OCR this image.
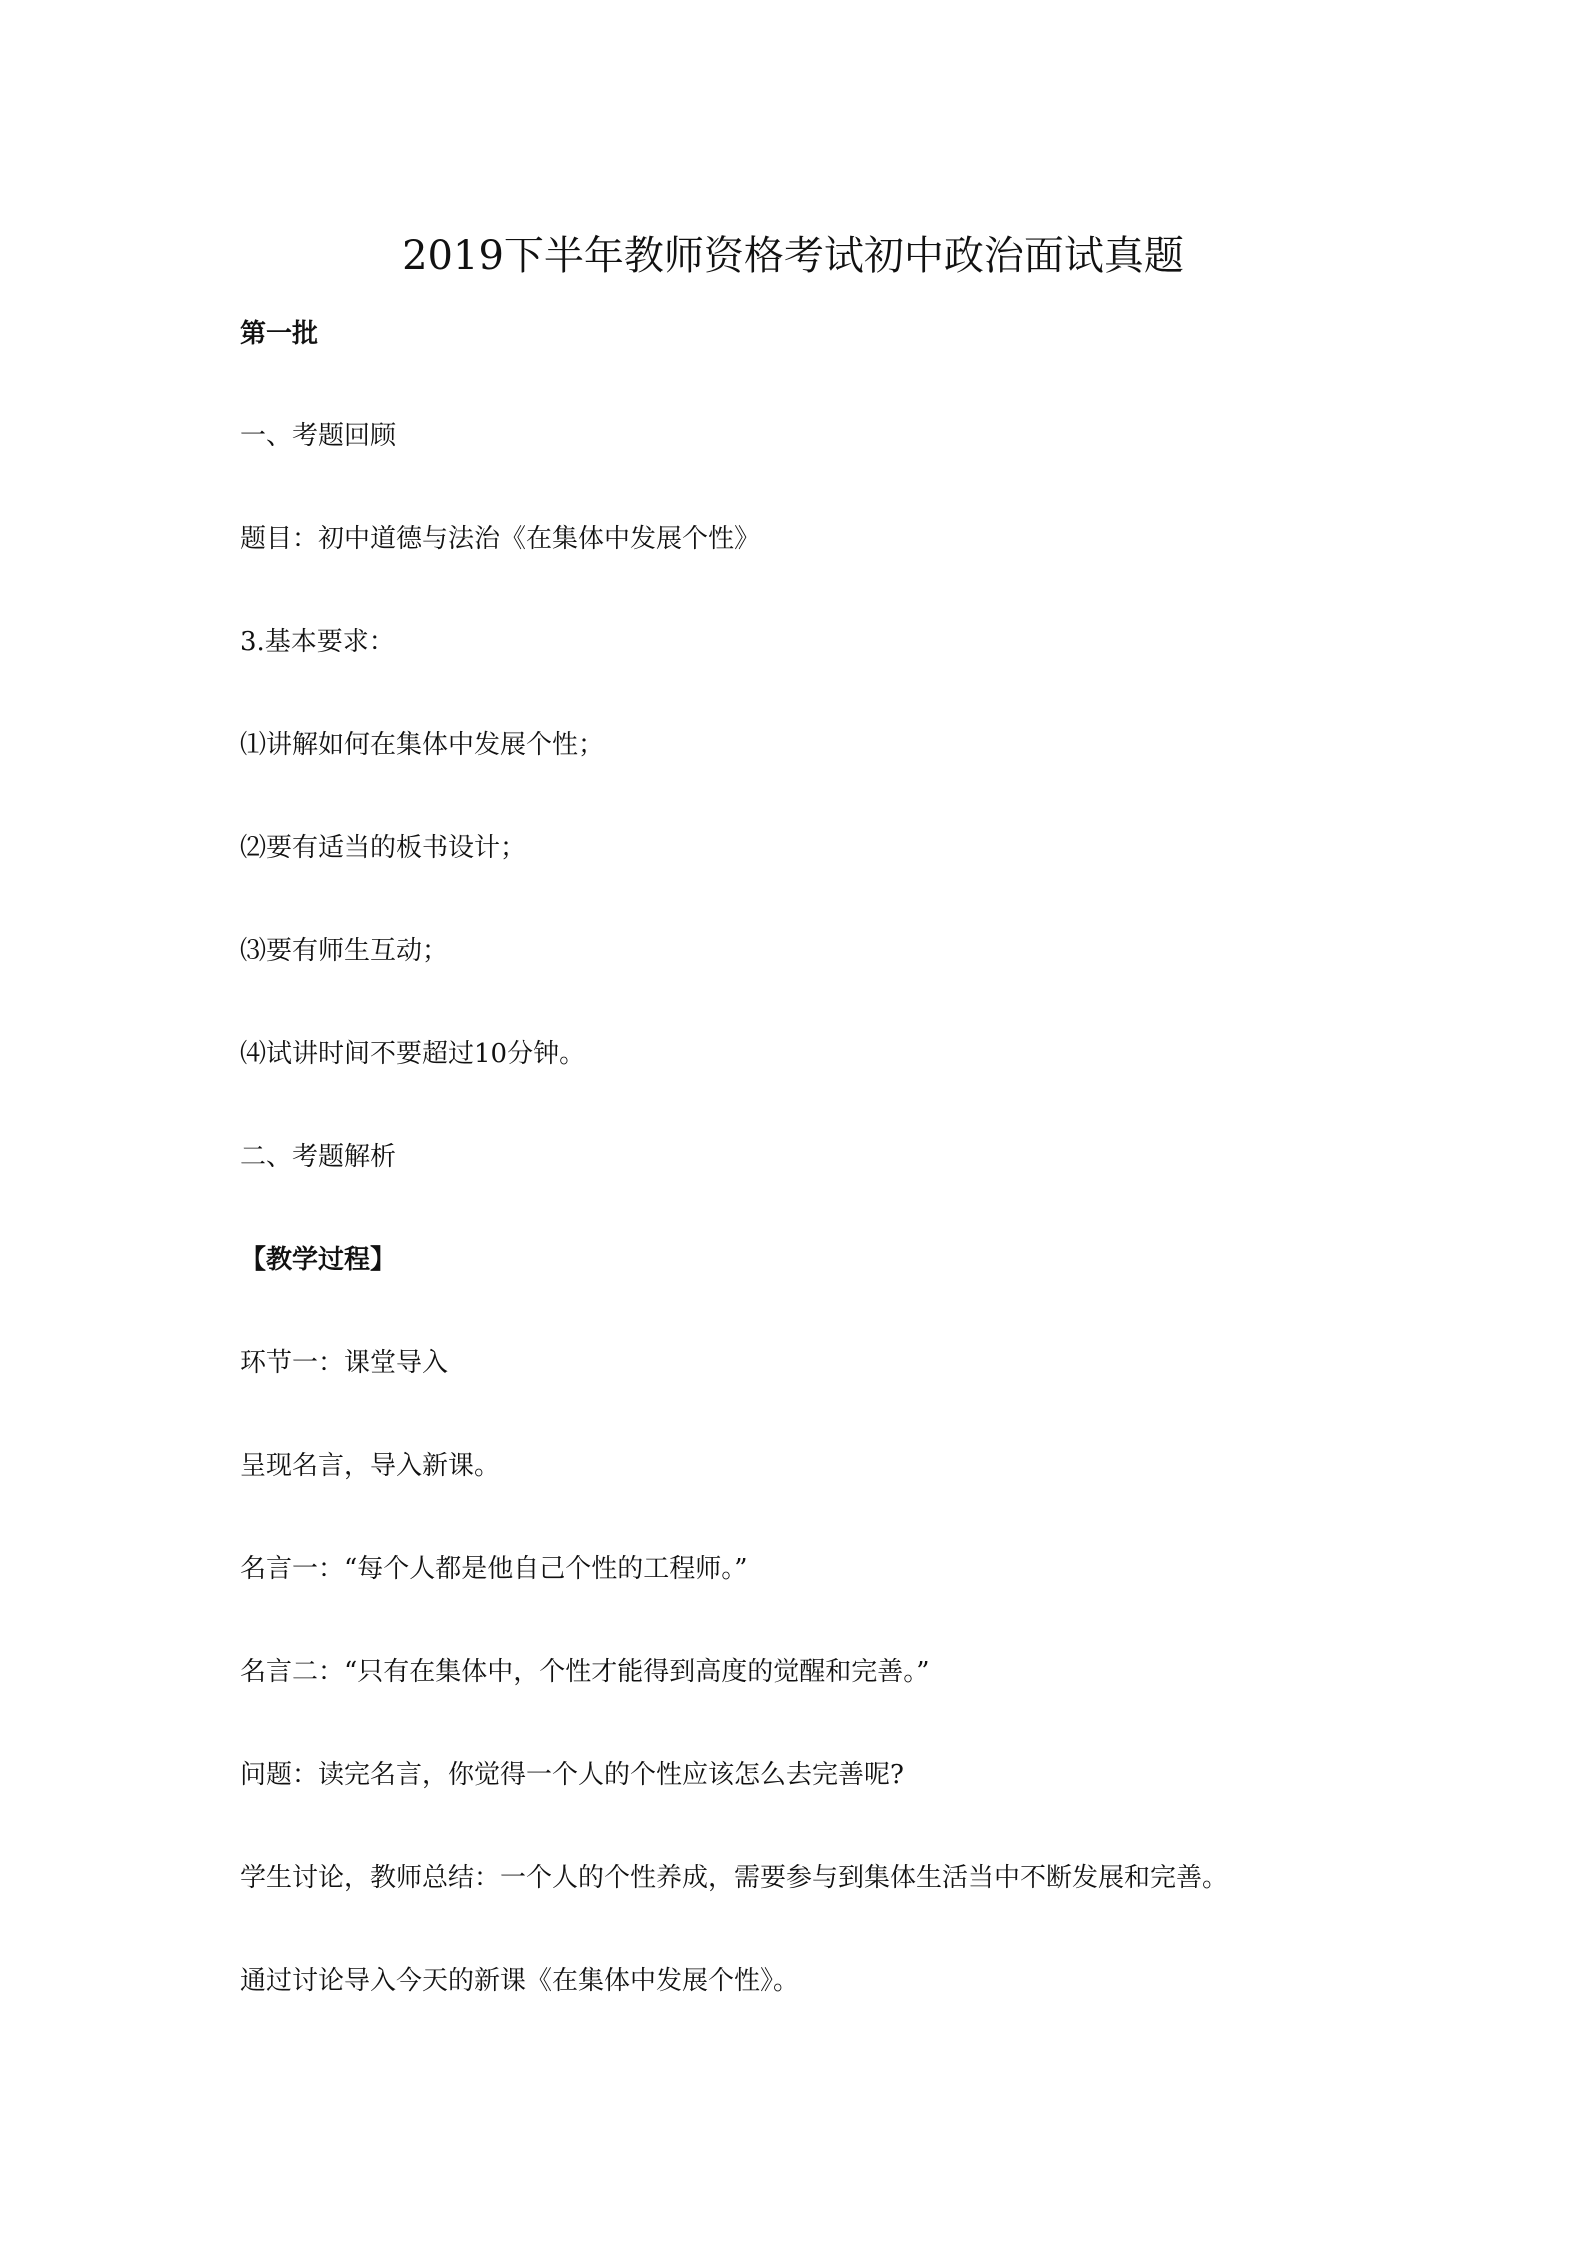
2019下半年教师资格考试初中政治面试真题

第一批

一、考题回顾

题目：初中道德与法治《在集体中发展个性》

3.基本要求：

⑴讲解如何在集体中发展个性；

⑵要有适当的板书设计；

⑶要有师生互动；

⑷试讲时间不要超过10分钟。

二、考题解析

【教学过程】

环节一：课堂导入

呈现名言，导入新课。

名言一：“每个人都是他自己个性的工程师。”

名言二：“只有在集体中，个性才能得到高度的觉醒和完善。”

问题：读完名言，你觉得一个人的个性应该怎么去完善呢?

学生讨论，教师总结：一个人的个性养成，需要参与到集体生活当中不断发展和完善。

通过讨论导入今天的新课《在集体中发展个性》。
